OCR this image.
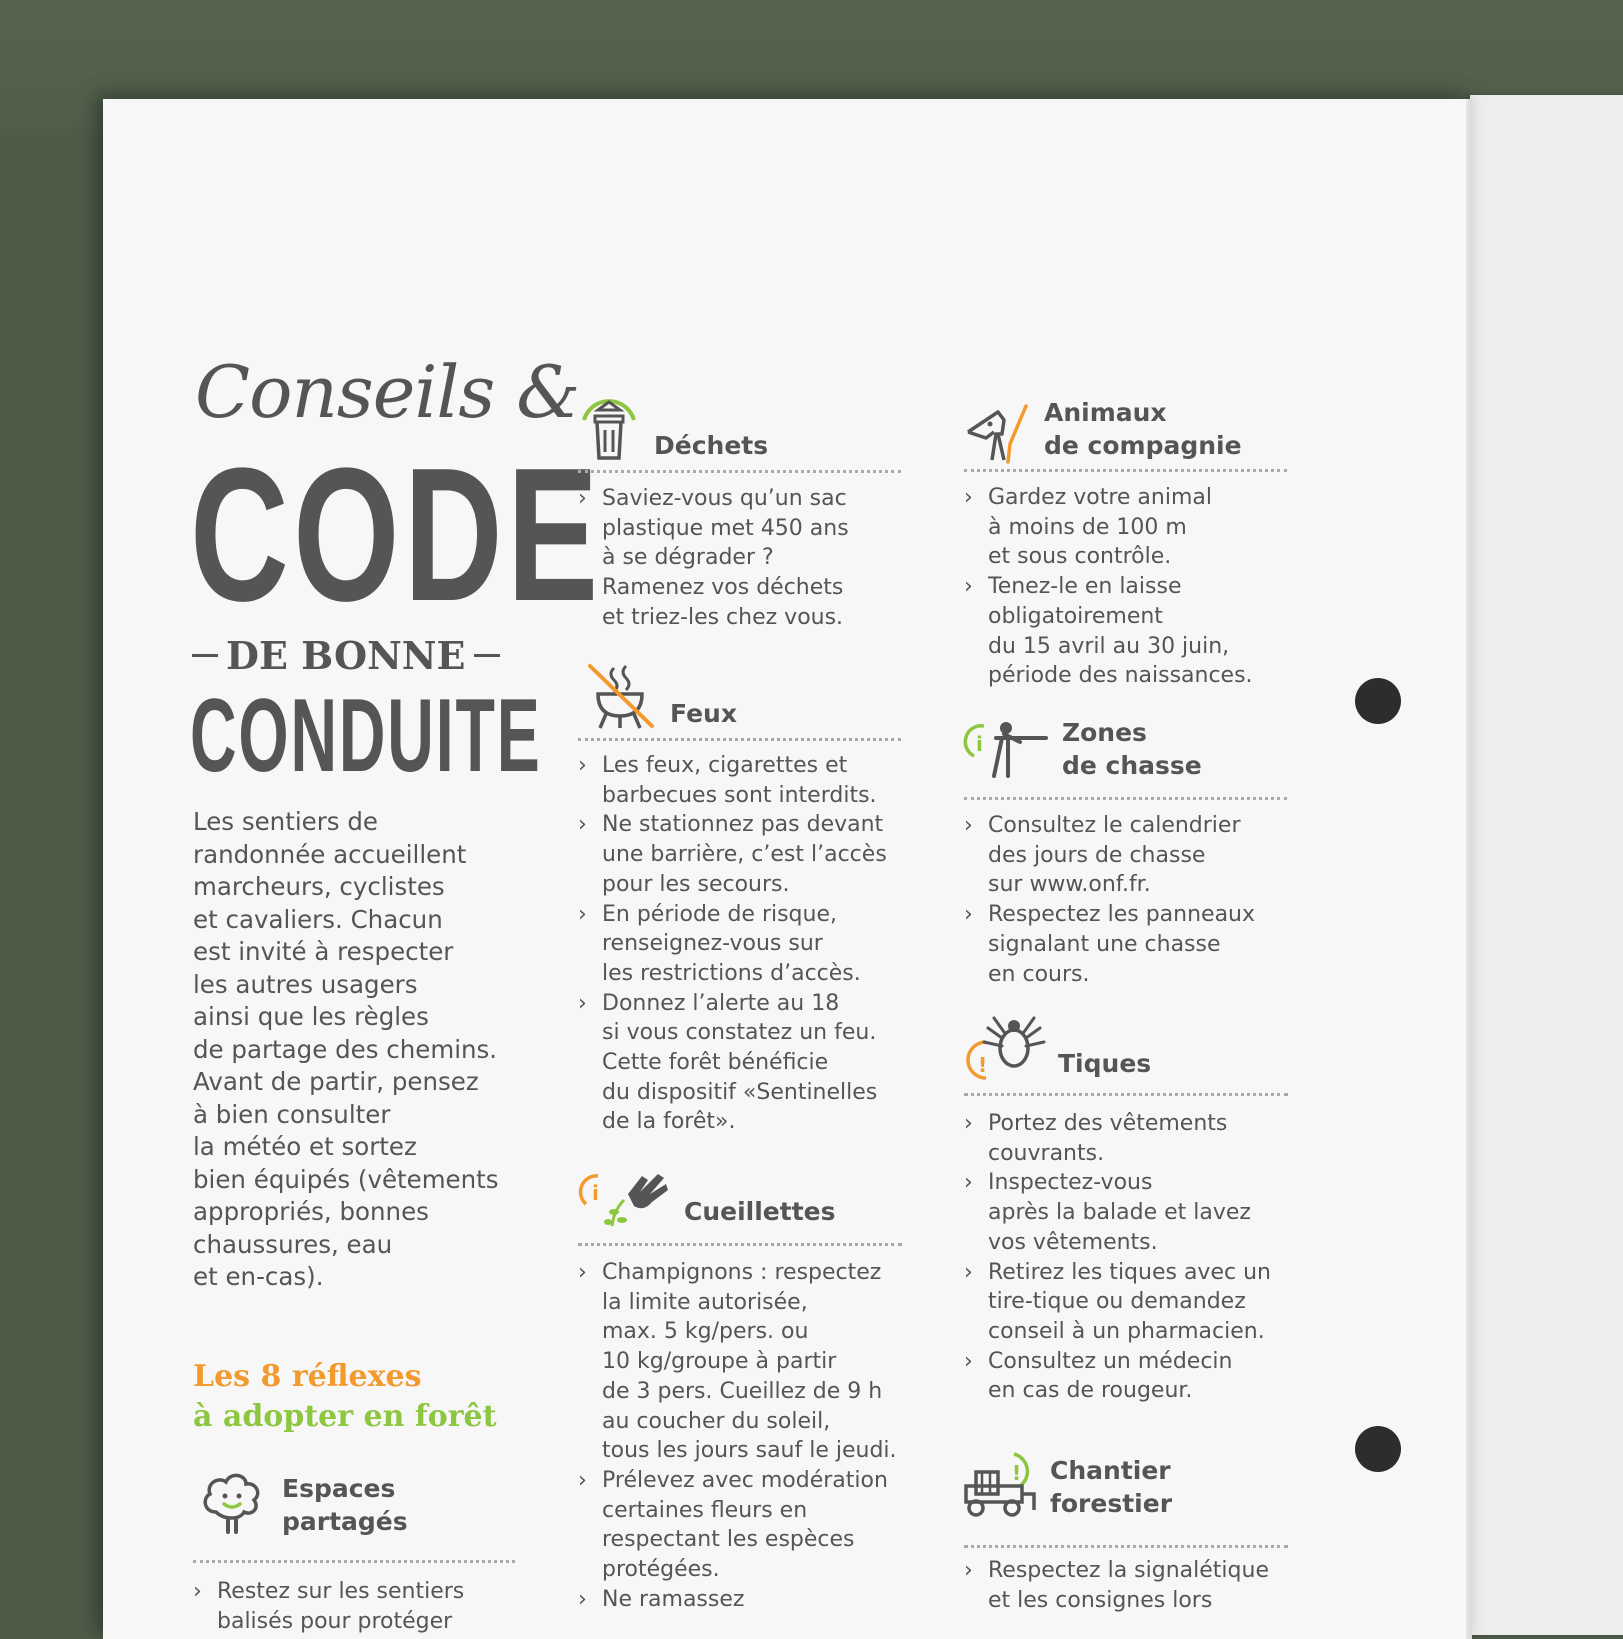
Conseils &
CODE
DE BONNE
CONDUITE
Les sentiers de
randonnée accueillent
marcheurs, cyclistes
et cavaliers. Chacun
est invité à respecter
les autres usagers
ainsi que les règles
de partage des chemins.
Avant de partir, pensez
à bien consulter
la météo et sortez
bien équipés (vêtements
appropriés, bonnes
chaussures, eau
et en-cas).
Les 8 réflexes
à adopter en forêt
Espaces
partagés
› Restez sur les sentiers
balisés pour protéger
Déchets
› Saviez-vous qu’un sac
plastique met 450 ans
à se dégrader ?
Ramenez vos déchets
et triez-les chez vous.
Feux
› Les feux, cigarettes et
barbecues sont interdits.
› Ne stationnez pas devant
une barrière, c’est l’accès
pour les secours.
› En période de risque,
renseignez-vous sur
les restrictions d’accès.
› Donnez l’alerte au 18
si vous constatez un feu.
Cette forêt bénéficie
du dispositif «Sentinelles
de la forêt».
i
Cueillettes
› Champignons : respectez
la limite autorisée,
max. 5 kg/pers. ou
10 kg/groupe à partir
de 3 pers. Cueillez de 9 h
au coucher du soleil,
tous les jours sauf le jeudi.
› Prélevez avec modération
certaines fleurs en
respectant les espèces
protégées.
› Ne ramassez
Animaux
de compagnie
› Gardez votre animal
à moins de 100 m
et sous contrôle.
› Tenez-le en laisse
obligatoirement
du 15 avril au 30 juin,
période des naissances.
i	Zones
de chasse
› Consultez le calendrier
des jours de chasse
sur www.onf.fr.
› Respectez les panneaux
signalant une chasse
en cours.
!	Tiques
› Portez des vêtements
couvrants.
› Inspectez-vous
après la balade et lavez
vos vêtements.
› Retirez les tiques avec un
tire-tique ou demandez
conseil à un pharmacien.
› Consultez un médecin
en cas de rougeur.
! Chantier
forestier
› Respectez la signalétique
et les consignes lors
